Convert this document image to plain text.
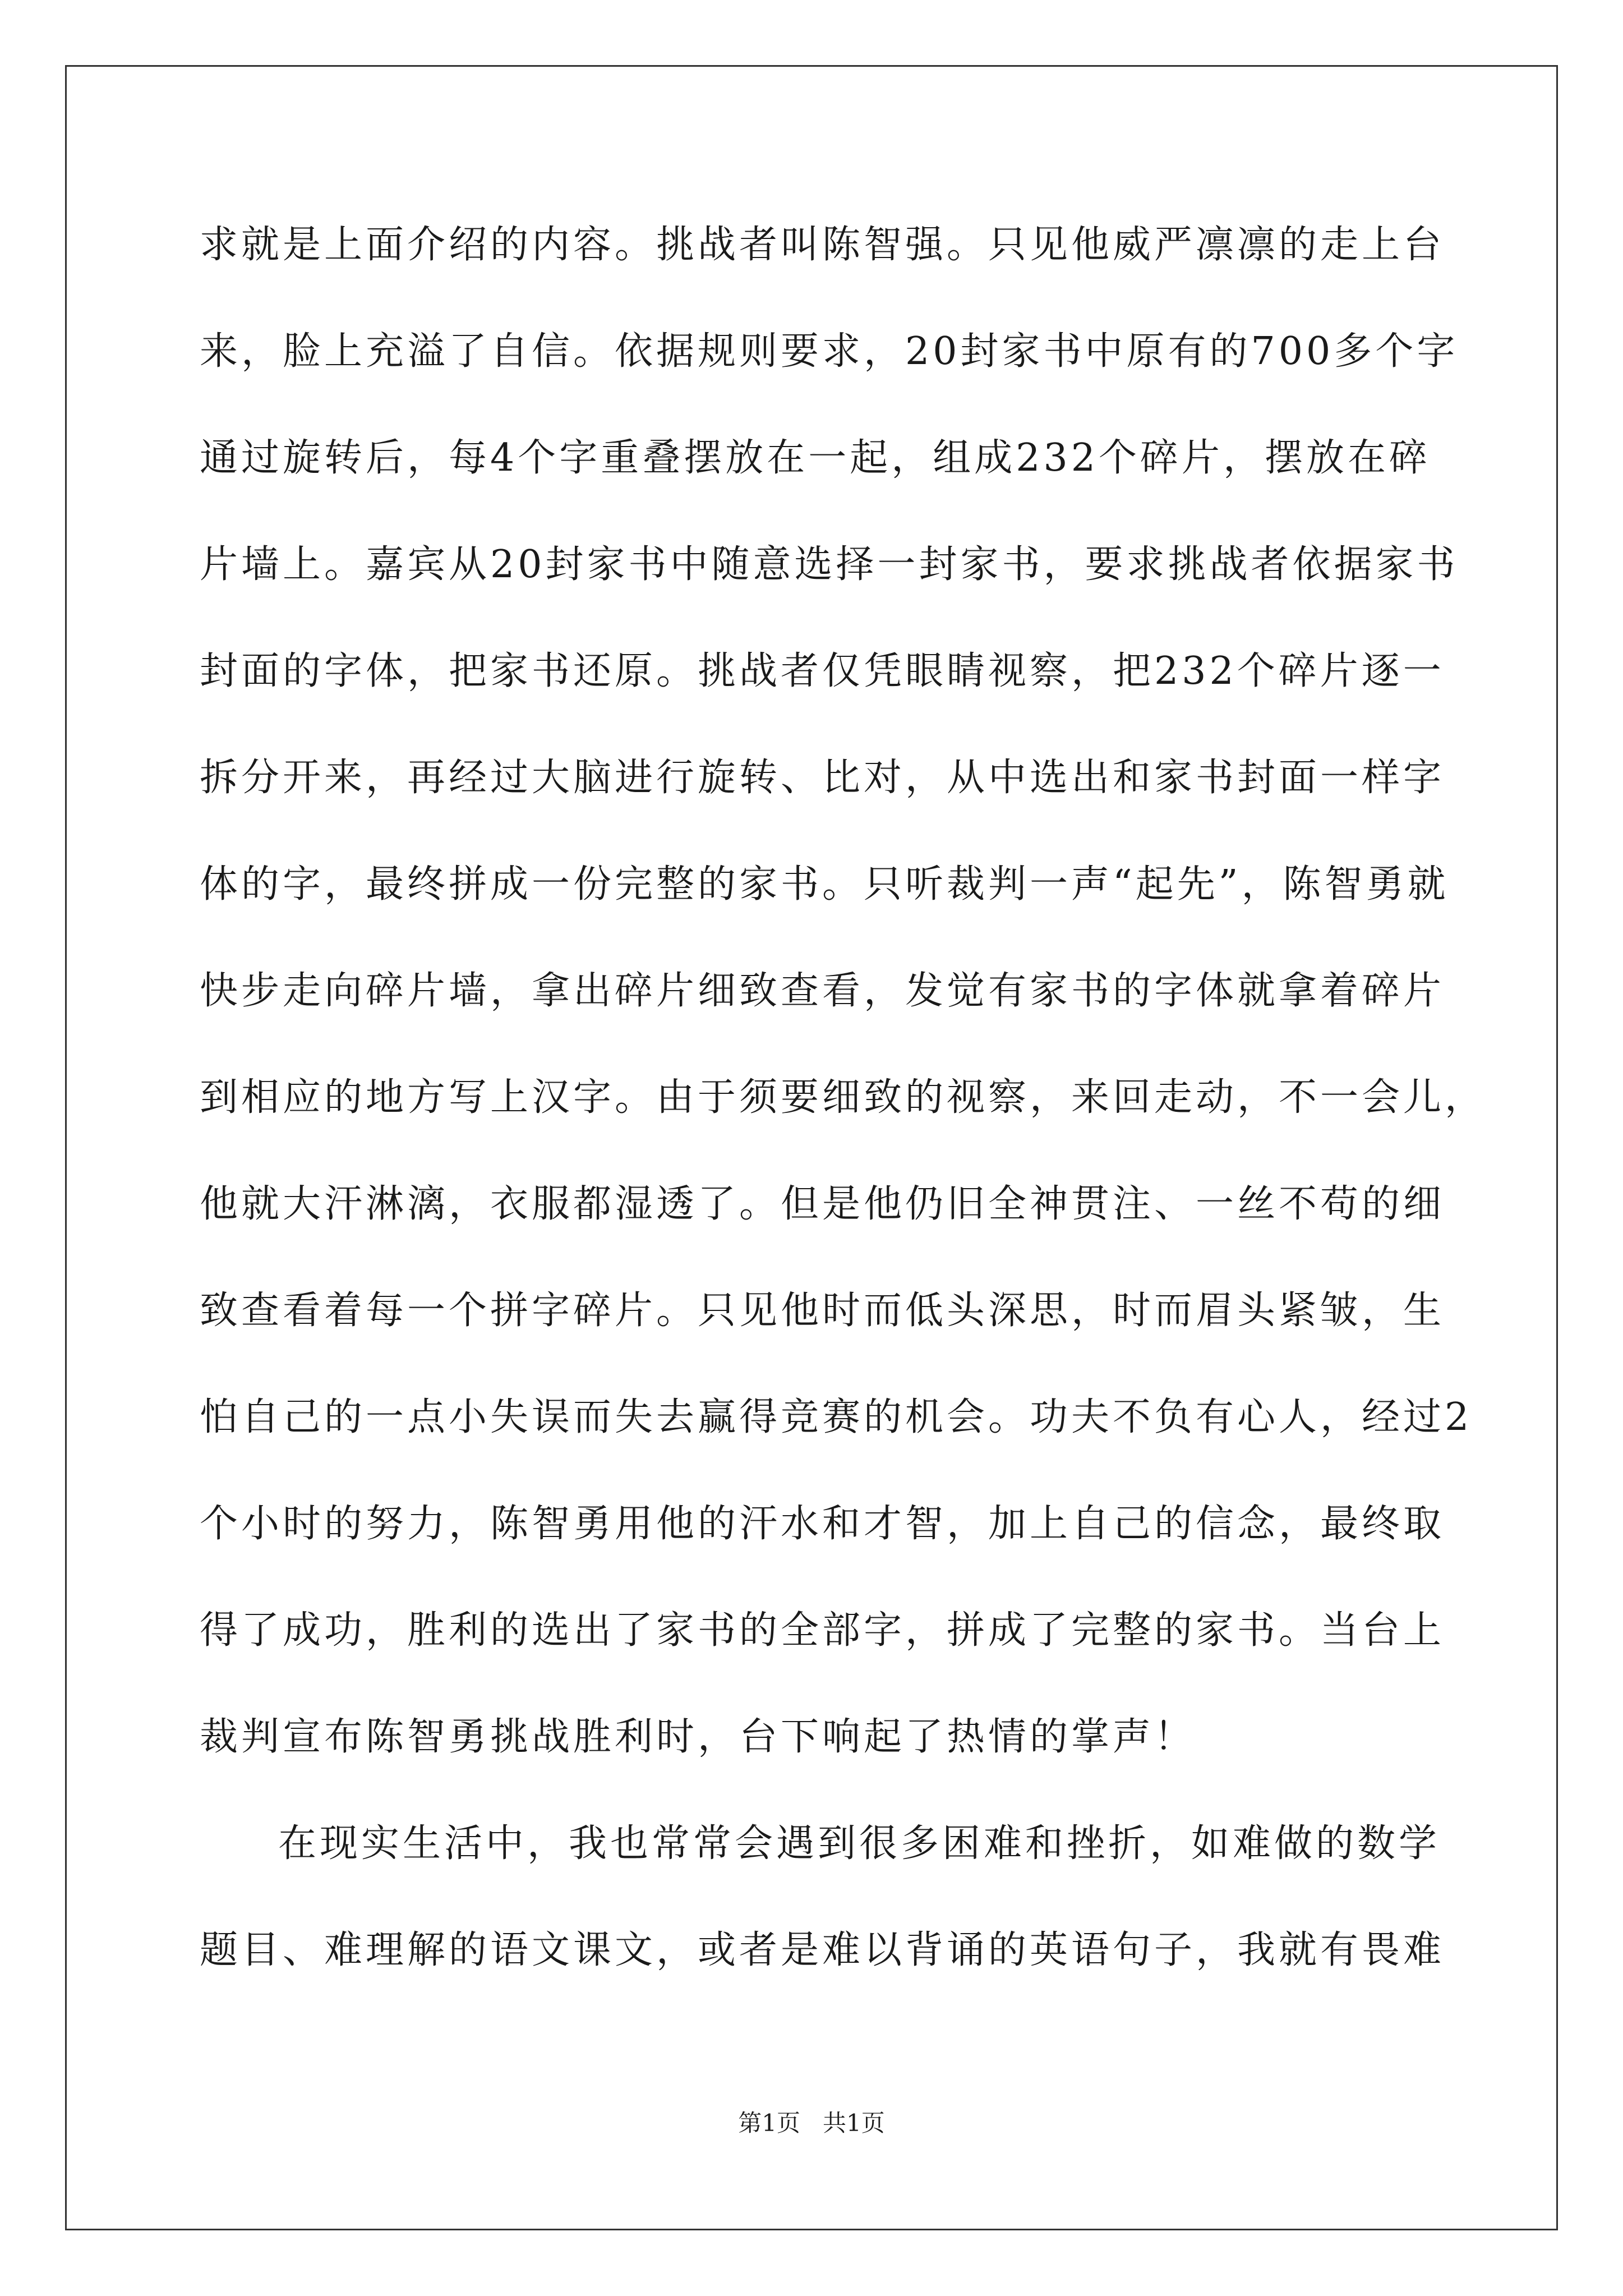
求就是上面介绍的内容。挑战者叫陈智强。只见他威严凛凛的走上台
来，脸上充溢了自信。依据规则要求，20封家书中原有的700多个字
通过旋转后，每4个字重叠摆放在一起，组成232个碎片，摆放在碎
片墙上。嘉宾从20封家书中随意选择一封家书，要求挑战者依据家书
封面的字体，把家书还原。挑战者仅凭眼睛视察，把232个碎片逐一
拆分开来，再经过大脑进行旋转、比对，从中选出和家书封面一样字
体的字，最终拼成一份完整的家书。只听裁判一声“起先”，陈智勇就
快步走向碎片墙，拿出碎片细致查看，发觉有家书的字体就拿着碎片
到相应的地方写上汉字。由于须要细致的视察，来回走动，不一会儿，
他就大汗淋漓，衣服都湿透了。但是他仍旧全神贯注、一丝不苟的细
致查看着每一个拼字碎片。只见他时而低头深思，时而眉头紧皱，生
怕自己的一点小失误而失去赢得竞赛的机会。功夫不负有心人，经过2
个小时的努力，陈智勇用他的汗水和才智，加上自己的信念，最终取
得了成功，胜利的选出了家书的全部字，拼成了完整的家书。当台上
裁判宣布陈智勇挑战胜利时，台下响起了热情的掌声！
在现实生活中，我也常常会遇到很多困难和挫折，如难做的数学
题目、难理解的语文课文，或者是难以背诵的英语句子，我就有畏难
第1页   共1页
